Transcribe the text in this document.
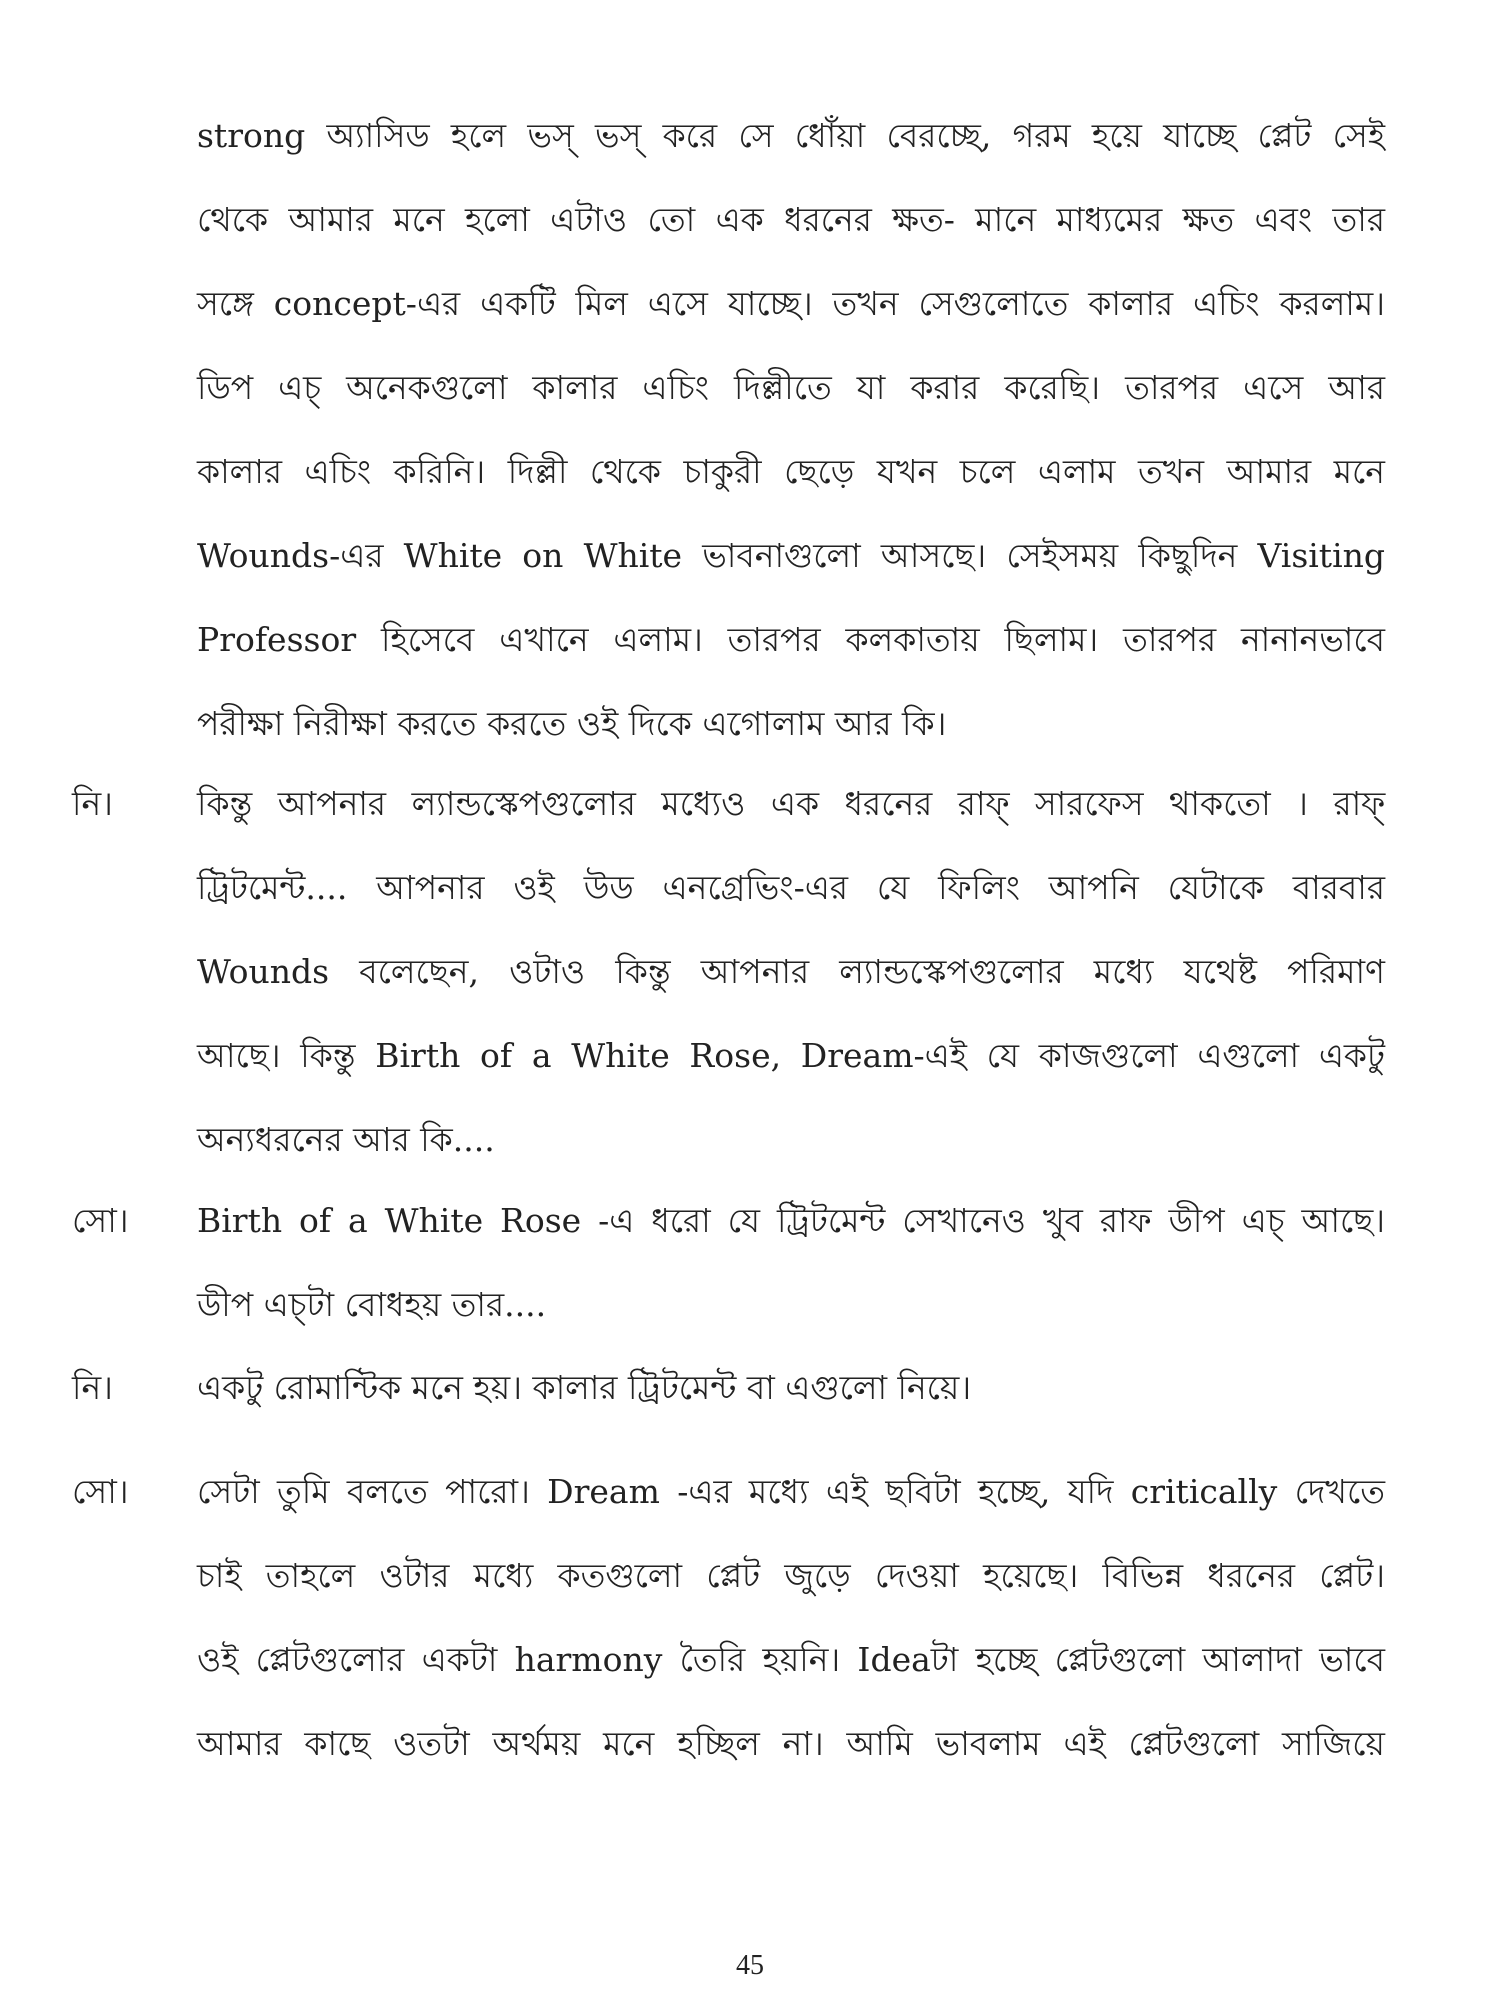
strong অ্যাসিড হলে ভস্ ভস্ করে সে ধোঁয়া বেরচ্ছে, গরম হয়ে যাচ্ছে প্লেট সেই
থেকে আমার মনে হলো এটাও তো এক ধরনের ক্ষত- মানে মাধ্যমের ক্ষত এবং তার
সঙ্গে concept-এর একটি মিল এসে যাচ্ছে। তখন সেগুলোতে কালার এচিং করলাম।
ডিপ এচ্ অনেকগুলো কালার এচিং দিল্লীতে যা করার করেছি। তারপর এসে আর
কালার এচিং করিনি। দিল্লী থেকে চাকুরী ছেড়ে যখন চলে এলাম তখন আমার মনে
Wounds-এর White on White ভাবনাগুলো আসছে। সেইসময় কিছুদিন Visiting
Professor হিসেবে এখানে এলাম। তারপর কলকাতায় ছিলাম। তারপর নানানভাবে
পরীক্ষা নিরীক্ষা করতে করতে ওই দিকে এগোলাম আর কি।
নি।	কিন্তু আপনার ল্যান্ডস্কেপগুলোর মধ্যেও এক ধরনের রাফ্ সারফেস থাকতো । রাফ্
ট্রিটমেন্ট.... আপনার ওই উড এনগ্রেভিং-এর যে ফিলিং আপনি যেটাকে বারবার
Wounds বলেছেন, ওটাও কিন্তু আপনার ল্যান্ডস্কেপগুলোর মধ্যে যথেষ্ট পরিমাণ
আছে। কিন্তু Birth of a White Rose, Dream-এই যে কাজগুলো এগুলো একটু
অন্যধরনের আর কি....
সো। Birth of a White Rose -এ ধরো যে ট্রিটমেন্ট সেখানেও খুব রাফ ডীপ এচ্ আছে।
ডীপ এচ্টা বোধহয় তার....
নি।	একটু রোমান্টিক মনে হয়। কালার ট্রিটমেন্ট বা এগুলো নিয়ে।
সো। সেটা তুমি বলতে পারো। Dream -এর মধ্যে এই ছবিটা হচ্ছে, যদি critically দেখতে
চাই তাহলে ওটার মধ্যে কতগুলো প্লেট জুড়ে দেওয়া হয়েছে। বিভিন্ন ধরনের প্লেট।
ওই প্লেটগুলোর একটা harmony তৈরি হয়নি। Ideaটা হচ্ছে প্লেটগুলো আলাদা ভাবে
আমার কাছে ওতটা অর্থময় মনে হচ্ছিল না। আমি ভাবলাম এই প্লেটগুলো সাজিয়ে
45
